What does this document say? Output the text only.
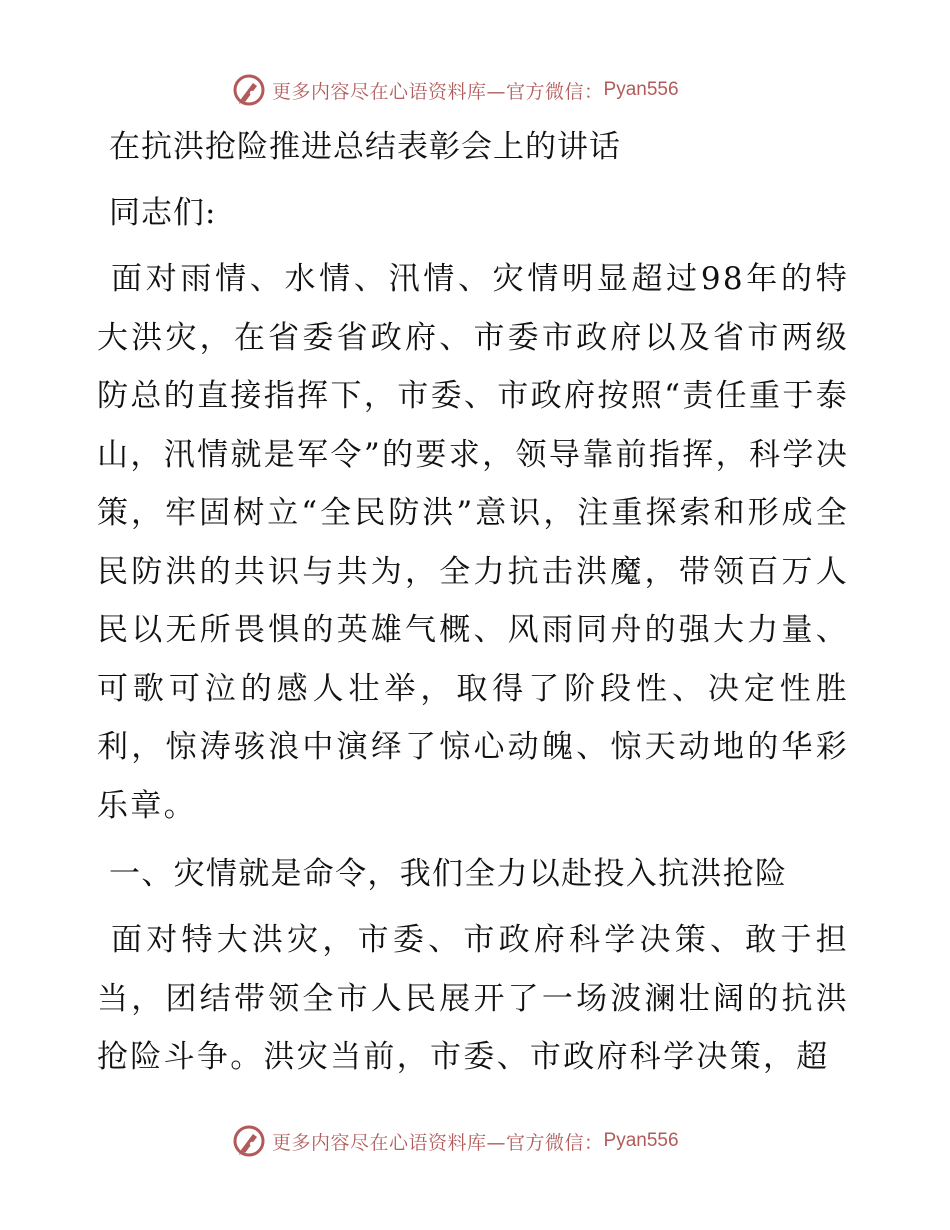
更多内容尽在心语资料库—官方微信： Pyan556
在抗洪抢险推进总结表彰会上的讲话

同志们:

面对雨情、水情、汛情、灾情明显超过98年的特大洪灾，在省委省政府、市委市政府以及省市两级防总的直接指挥下，市委、市政府按照“责任重于泰山，汛情就是军令”的要求，领导靠前指挥，科学决策，牢固树立“全民防洪”意识，注重探索和形成全民防洪的共识与共为，全力抗击洪魔，带领百万人民以无所畏惧的英雄气概、风雨同舟的强大力量、可歌可泣的感人壮举，取得了阶段性、决定性胜利，惊涛骇浪中演绎了惊心动魄、惊天动地的华彩乐章。

一、灾情就是命令，我们全力以赴投入抗洪抢险

面对特大洪灾，市委、市政府科学决策、敢于担当，团结带领全市人民展开了一场波澜壮阔的抗洪抢险斗争。洪灾当前，市委、市政府科学决策，超

更多内容尽在心语资料库—官方微信： Pyan556
